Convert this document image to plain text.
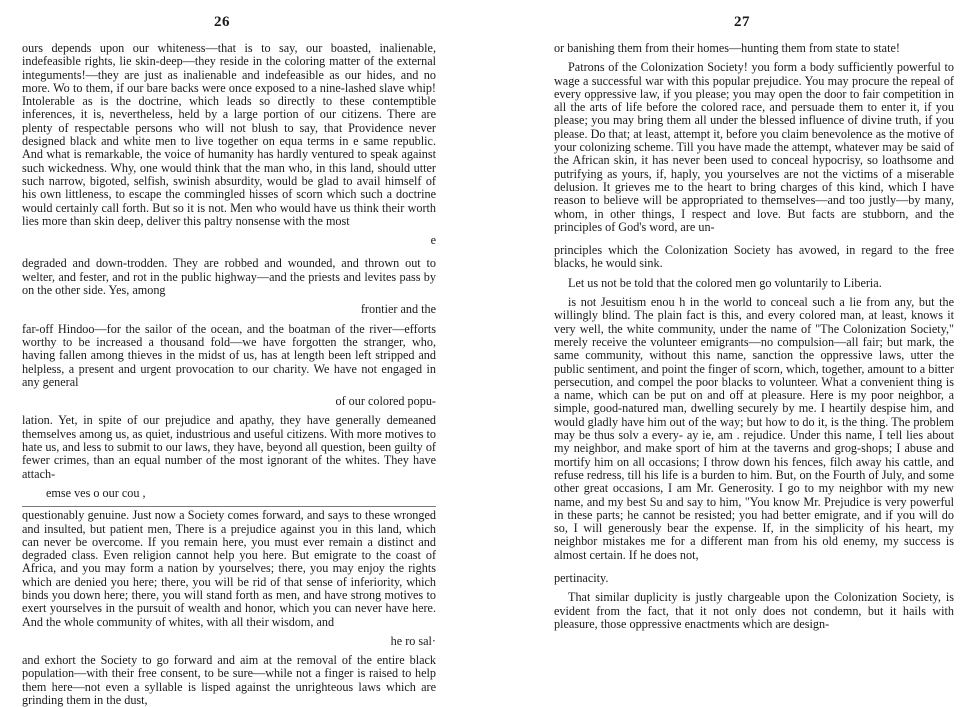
26

ours depends upon our whiteness—that is to say, our boasted, inalienable, indefeasible rights, lie skin-deep—they reside in the coloring matter of the external integuments!—they are just as inalienable and indefeasible as our hides, and no more. Wo to them, if our bare backs were once exposed to a nine-lashed slave whip! Intolerable as is the doctrine, which leads so directly to these contemptible inferences, it is, nevertheless, held by a large portion of our citizens. There are plenty of respectable persons who will not blush to say, that Providence never designed black and white men to live together on equa terms in e same republic. And what is remarkable, the voice of humanity has hardly ventured to speak against such wickedness. Why, one would think that the man who, in this land, should utter such narrow, bigoted, selfish, swinish absurdity, would be glad to avail himself of his own littleness, to escape the commingled hisses of scorn which such a doctrine would certainly call forth. But so it is not. Men who would have us think their worth lies more than skin deep, deliver this paltry nonsense with the most

e

degraded and down-trodden. They are robbed and wounded, and thrown out to welter, and fester, and rot in the public highway—and the priests and levites pass by on the other side. Yes, among

frontier and the

far-off Hindoo—for the sailor of the ocean, and the boatman of the river—efforts worthy to be increased a thousand fold—we have forgotten the stranger, who, having fallen among thieves in the midst of us, has at length been left stripped and helpless, a present and urgent provocation to our charity. We have not engaged in any general

of our colored popu-

lation. Yet, in spite of our prejudice and apathy, they have generally demeaned themselves among us, as quiet, industrious and useful citizens. With more motives to hate us, and less to submit to our laws, they have, beyond all question, been guilty of fewer crimes, than an equal number of the most ignorant of the whites. They have attach-

emse ves o our cou ,

questionably genuine. Just now a Society comes forward, and says to these wronged and insulted, but patient men, There is a prejudice against you in this land, which can never be overcome. If you remain here, you must ever remain a distinct and degraded class. Even religion cannot help you here. But emigrate to the coast of Africa, and you may form a nation by yourselves; there, you may enjoy the rights which are denied you here; there, you will be rid of that sense of inferiority, which binds you down here; there, you will stand forth as men, and have strong motives to exert yourselves in the pursuit of wealth and honor, which you can never have here. And the whole community of whites, with all their wisdom, and

he ro sal·

and exhort the Society to go forward and aim at the removal of the entire black population—with their free consent, to be sure—while not a finger is raised to help them here—not even a syllable is lisped against the unrighteous laws which are grinding them in the dust,

27

or banishing them from their homes—hunting them from state to state!

Patrons of the Colonization Society! you form a body sufficiently powerful to wage a successful war with this popular prejudice. You may procure the repeal of every oppressive law, if you please; you may open the door to fair competition in all the arts of life before the colored race, and persuade them to enter it, if you please; you may bring them all under the blessed influence of divine truth, if you please. Do that; at least, attempt it, before you claim benevolence as the motive of your colonizing scheme. Till you have made the attempt, whatever may be said of the African skin, it has never been used to conceal hypocrisy, so loathsome and putrifying as yours, if, haply, you yourselves are not the victims of a miserable delusion. It grieves me to the heart to bring charges of this kind, which I have reason to believe will be appropriated to themselves—and too justly—by many, whom, in other things, I respect and love. But facts are stubborn, and the principles of God's word, are un-

principles which the Colonization Society has avowed, in regard to the free blacks, he would sink.

Let us not be told that the colored men go voluntarily to Liberia.

is not Jesuitism enou h in the world to conceal such a lie from any, but the willingly blind. The plain fact is this, and every colored man, at least, knows it very well, the white community, under the name of "The Colonization Society," merely receive the volunteer emigrants—no compulsion—all fair; but mark, the same community, without this name, sanction the oppressive laws, utter the public sentiment, and point the finger of scorn, which, together, amount to a bitter persecution, and compel the poor blacks to volunteer. What a convenient thing is a name, which can be put on and off at pleasure. Here is my poor neighbor, a simple, good-natured man, dwelling securely by me. I heartily despise him, and would gladly have him out of the way; but how to do it, is the thing. The problem may be thus solv a every- ay ie, am . rejudice. Under this name, I tell lies about my neighbor, and make sport of him at the taverns and grog-shops; I abuse and mortify him on all occasions; I throw down his fences, filch away his cattle, and refuse redress, till his life is a burden to him. But, on the Fourth of July, and some other great occasions, I am Mr. Generosity. I go to my neighbor with my new name, and my best Su and say to him, "You know Mr. Prejudice is very powerful in these parts; he cannot be resisted; you had better emigrate, and if you will do so, I will generously bear the expense. If, in the simplicity of his heart, my neighbor mistakes me for a different man from his old enemy, my success is almost certain. If he does not,

pertinacity.

That similar duplicity is justly chargeable upon the Colonization Society, is evident from the fact, that it not only does not condemn, but it hails with pleasure, those oppressive enactments which are design-
